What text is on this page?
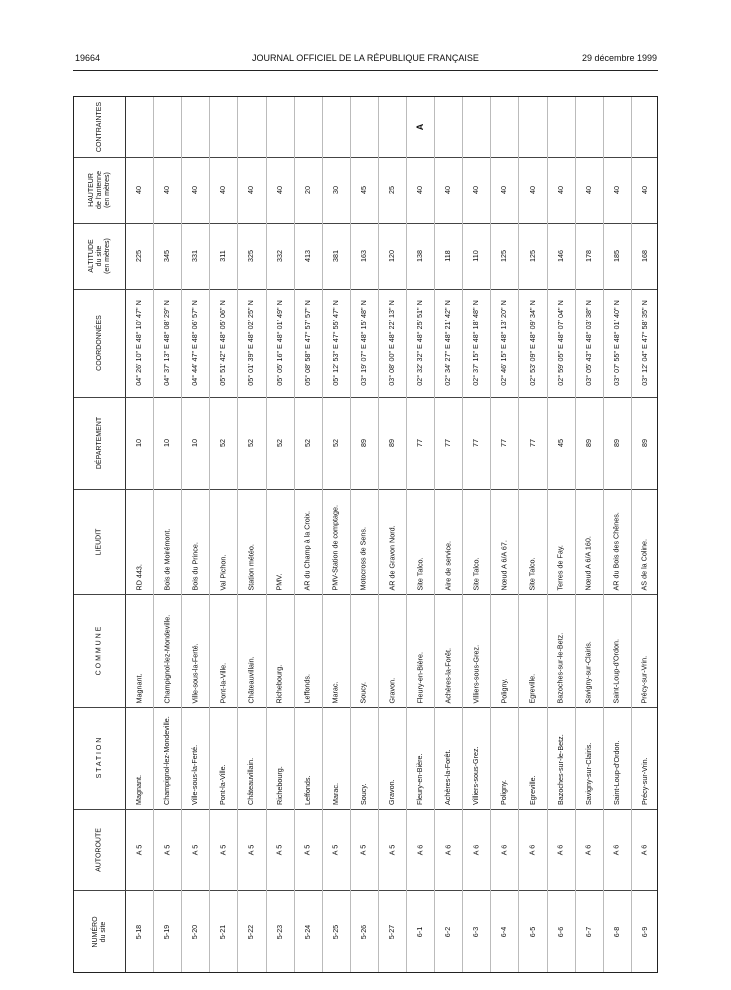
19664	JOURNAL OFFICIEL DE LA RÉPUBLIQUE FRANÇAISE	29 décembre 1999
NUMÉRO
du site
AUTOROUTE
S T A T I O N
C O M M U N E
LIEUDIT
DÉPARTEMENT
COORDONNÉES
ALTITUDE
du site
(en mètres)
HAUTEUR
de l'antenne
(en mètres)
CONTRAINTES
5-18
A 5
Magnant.
Magnant.
RD 443.
10
04° 26' 10" E 48° 10' 47" N
225
40
5-19
A 5
Champignol-lez-Mondeville.
Champignol-lez-Mondeville.
Bois de Moirémont.
10
04° 37' 13" E 48° 08' 29" N
345
40
5-20
A 5
Ville-sous-la-Ferté.
Ville-sous-la-Ferté.
Bois du Prince.
10
04° 44' 47" E 48° 06' 57" N
331
40
5-21
A 5
Pont-la-Ville.
Pont-la-Ville.
Val Pichon.
52
05° 51' 42" E 48° 05' 06" N
311
40
5-22
A 5
Châteauvillain.
Châteauvillain.
Station météo.
52
05° 01' 39" E 48° 02' 25" N
325
40
5-23
A 5
Richebourg.
Richebourg.
PMV.
52
05° 05' 16" E 48° 01' 49" N
332
40
5-24
A 5
Leffonds.
Leffonds.
AR du Champ à la Croix.
52
05° 08' 58" E 47° 57' 57" N
413
20
5-25
A 5
Marac.
Marac.
PMV-Station de comptage.
52
05° 12' 53" E 47° 55' 47" N
381
30
5-26
A 5
Soucy.
Soucy.
Motocross de Sens.
89
03° 19' 07" E 48° 15' 48" N
163
45
5-27
A 5
Gravon.
Gravon.
AR de Gravon Nord.
89
03° 08' 00" E 48° 22' 13" N
120
25
6-1
A 6
Fleury-en-Bière.
Fleury-en-Bière.
Site Talco.
77
02° 32' 32" E 48° 25' 51" N
138
40
A
6-2
A 6
Achères-la-Forêt.
Achères-la-Forêt.
Aire de service.
77
02° 34' 27" E 48° 21' 42" N
118
40
6-3
A 6
Villiers-sous-Grez.
Villiers-sous-Grez.
Site Talco.
77
02° 37' 15" E 48° 18' 48" N
110
40
6-4
A 6
Poligny.
Poligny.
Nœud A 6/A 67.
77
02° 46' 15" E 48° 13' 20" N
125
40
6-5
A 6
Egreville.
Egreville.
Site Talco.
77
02° 53' 09" E 48° 09' 34" N
125
40
6-6
A 6
Bazoches-sur-le-Betz.
Bazoches-sur-le-Betz.
Terres de Fay.
45
02° 59' 05" E 48° 07' 04" N
146
40
6-7
A 6
Savigny-sur-Clairis.
Savigny-sur-Clairis.
Nœud A 6/A 160.
89
03° 05' 43" E 48° 03' 38" N
178
40
6-8
A 6
Saint-Loup-d'Ordon.
Saint-Loup-d'Ordon.
AR du Bois des Chênes.
89
03° 07' 55" E 48° 01' 40" N
185
40
6-9
A 6
Précy-sur-Vrin.
Précy-sur-Vrin.
AS de la Coline.
89
03° 12' 04" E 47° 58' 35" N
168
40
